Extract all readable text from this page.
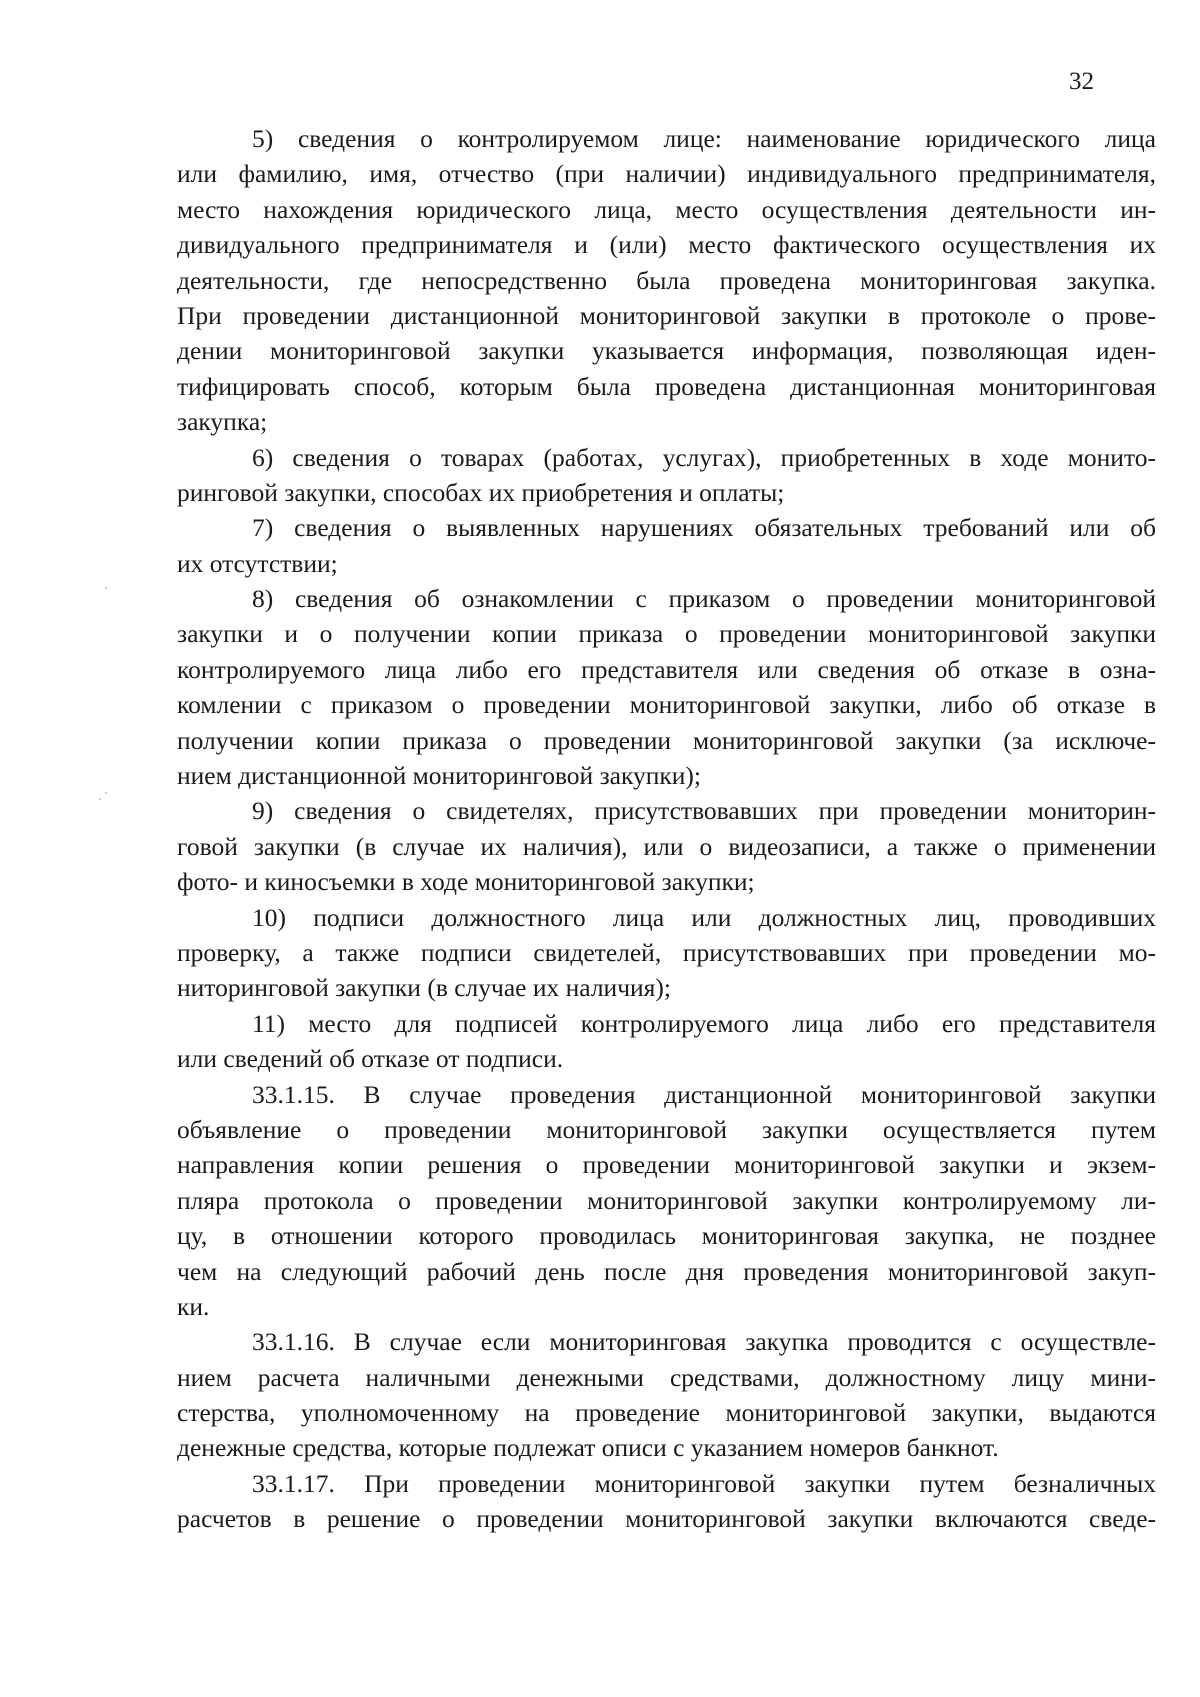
32
5) сведения о контролируемом лице: наименование юридического лица
или фамилию, имя, отчество (при наличии) индивидуального предпринимателя,
место нахождения юридического лица, место осуществления деятельности ин-
дивидуального предпринимателя и (или) место фактического осуществления их
деятельности, где непосредственно была проведена мониторинговая закупка.
При проведении дистанционной мониторинговой закупки в протоколе о прове-
дении мониторинговой закупки указывается информация, позволяющая иден-
тифицировать способ, которым была проведена дистанционная мониторинговая
закупка;
6) сведения о товарах (работах, услугах), приобретенных в ходе монито-
ринговой закупки, способах их приобретения и оплаты;
7) сведения о выявленных нарушениях обязательных требований или об
их отсутствии;
8) сведения об ознакомлении с приказом о проведении мониторинговой
закупки и о получении копии приказа о проведении мониторинговой закупки
контролируемого лица либо его представителя или сведения об отказе в озна-
комлении с приказом о проведении мониторинговой закупки, либо об отказе в
получении копии приказа о проведении мониторинговой закупки (за исключе-
нием дистанционной мониторинговой закупки);
9) сведения о свидетелях, присутствовавших при проведении мониторин-
говой закупки (в случае их наличия), или о видеозаписи, а также о применении
фото- и киносъемки в ходе мониторинговой закупки;
10) подписи должностного лица или должностных лиц, проводивших
проверку, а также подписи свидетелей, присутствовавших при проведении мо-
ниторинговой закупки (в случае их наличия);
11) место для подписей контролируемого лица либо его представителя
или сведений об отказе от подписи.
33.1.15. В случае проведения дистанционной мониторинговой закупки
объявление о проведении мониторинговой закупки осуществляется путем
направления копии решения о проведении мониторинговой закупки и экзем-
пляра протокола о проведении мониторинговой закупки контролируемому ли-
цу, в отношении которого проводилась мониторинговая закупка, не позднее
чем на следующий рабочий день после дня проведения мониторинговой закуп-
ки.
33.1.16. В случае если мониторинговая закупка проводится с осуществле-
нием расчета наличными денежными средствами, должностному лицу мини-
стерства, уполномоченному на проведение мониторинговой закупки, выдаются
денежные средства, которые подлежат описи с указанием номеров банкнот.
33.1.17. При проведении мониторинговой закупки путем безналичных
расчетов в решение о проведении мониторинговой закупки включаются сведе-
